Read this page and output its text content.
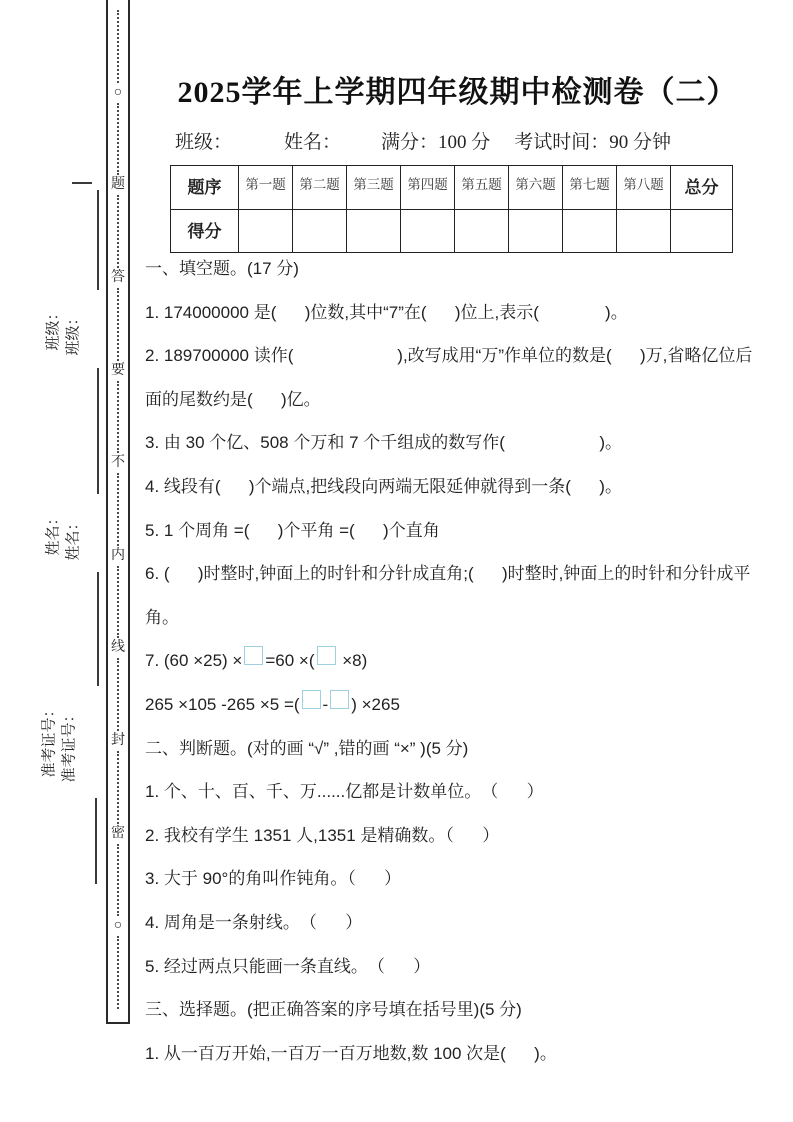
班级： 班级：
姓名： 姓名：
准考证号： 准考证号：
○
题
答
要
不
内
线
封
密
○
2025学年上学期四年级期中检测卷（二）
班级：	姓名： 满分：100 分 考试时间：90 分钟
题序	第一题	第二题	第三题	第四题	第五题	第六题	第七题	第八题	总分
得分									

一、填空题。(17 分)

1. 174000000 是(      )位数,其中“7”在(      )位上,表示(              )。

2. 189700000 读作(                      ),改写成用“万”作单位的数是(      )万,省略亿位后

面的尾数约是(      )亿。

3. 由 30 个亿、508 个万和 7 个千组成的数写作(                    )。

4. 线段有(      )个端点,把线段向两端无限延伸就得到一条(      )。

5. 1 个周角 =(      )个平角 =(      )个直角

6. (      )时整时,钟面上的时针和分针成直角;(      )时整时,钟面上的时针和分针成平角。

7. (60 ×25) × =60 ×( ×8)

265 ×105 -265 ×5 =( - ) ×265

二、判断题。(对的画 “√” ,错的画 “×” )(5 分)

1. 个、十、百、千、万......亿都是计数单位。　（      ）

2. 我校有学生 1351 人,1351 是精确数。（      ）

3. 大于 90°的角叫作钝角。（      ）

4. 周角是一条射线。　（      ）

5. 经过两点只能画一条直线。　（      ）

三、选择题。(把正确答案的序号填在括号里)(5 分)

1. 从一百万开始,一百万一百万地数,数 100 次是(      )。
